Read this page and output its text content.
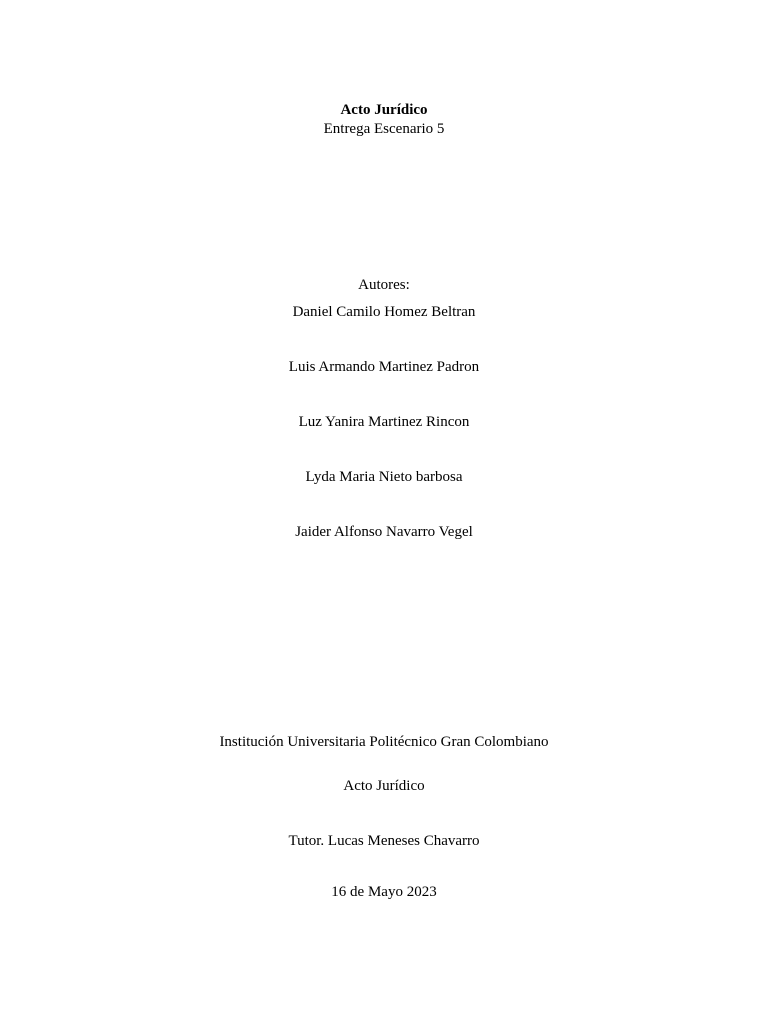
Acto Jurídico
Entrega Escenario 5
Autores:
Daniel Camilo Homez Beltran
Luis Armando Martinez Padron
Luz Yanira Martinez Rincon
Lyda Maria Nieto barbosa
Jaider Alfonso Navarro Vegel
Institución Universitaria Politécnico Gran Colombiano
Acto Jurídico
Tutor. Lucas Meneses Chavarro
16 de Mayo 2023
